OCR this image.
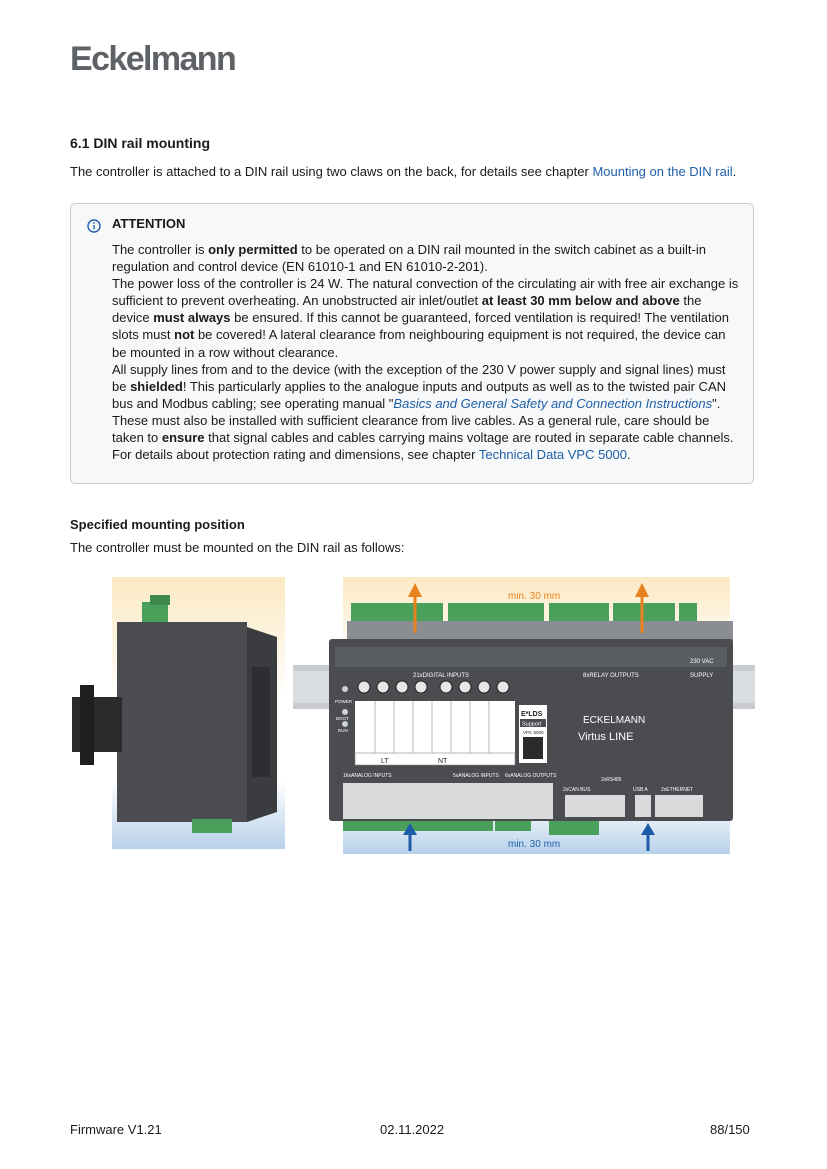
Eckelmann
6.1 DIN rail mounting
The controller is attached to a DIN rail using two claws on the back, for details see chapter Mounting on the DIN rail.
ATTENTION

The controller is only permitted to be operated on a DIN rail mounted in the switch cabinet as a built-in regulation and control device (EN 61010-1 and EN 61010-2-201).

The power loss of the controller is 24 W. The natural convection of the circulating air with free air exchange is sufficient to prevent overheating. An unobstructed air inlet/outlet at least 30 mm below and above the device must always be ensured. If this cannot be guaranteed, forced ventilation is required! The ventilation slots must not be covered! A lateral clearance from neighbouring equipment is not required, the device can be mounted in a row without clearance.

All supply lines from and to the device (with the exception of the 230 V power supply and signal lines) must be shielded! This particularly applies to the analogue inputs and outputs as well as to the twisted pair CAN bus and Modbus cabling; see operating manual "Basics and General Safety and Connection Instructions". These must also be installed with sufficient clearance from live cables. As a general rule, care should be taken to ensure that signal cables and cables carrying mains voltage are routed in separate cable channels.

For details about protection rating and dimensions, see chapter Technical Data VPC 5000.

Specified mounting position
The controller must be mounted on the DIN rail as follows:
21xDIGITAL INPUTS	8xRELAY OUTPUTS	SUPPLY
230 VAC
POWER
BOOT
RUN
LT	NT
E*LDS
Support
VPC 5000
ECKELMANN
Virtus LINE
16xANALOG INPUTS	5xANALOG INPUTS 6xANALOG OUTPUTS
2xCAN BUS
2xRS485
USB A	2xETHERNET
min. 30 mm
min. 30 mm
Firmware V1.21	02.11.2022	88/150
